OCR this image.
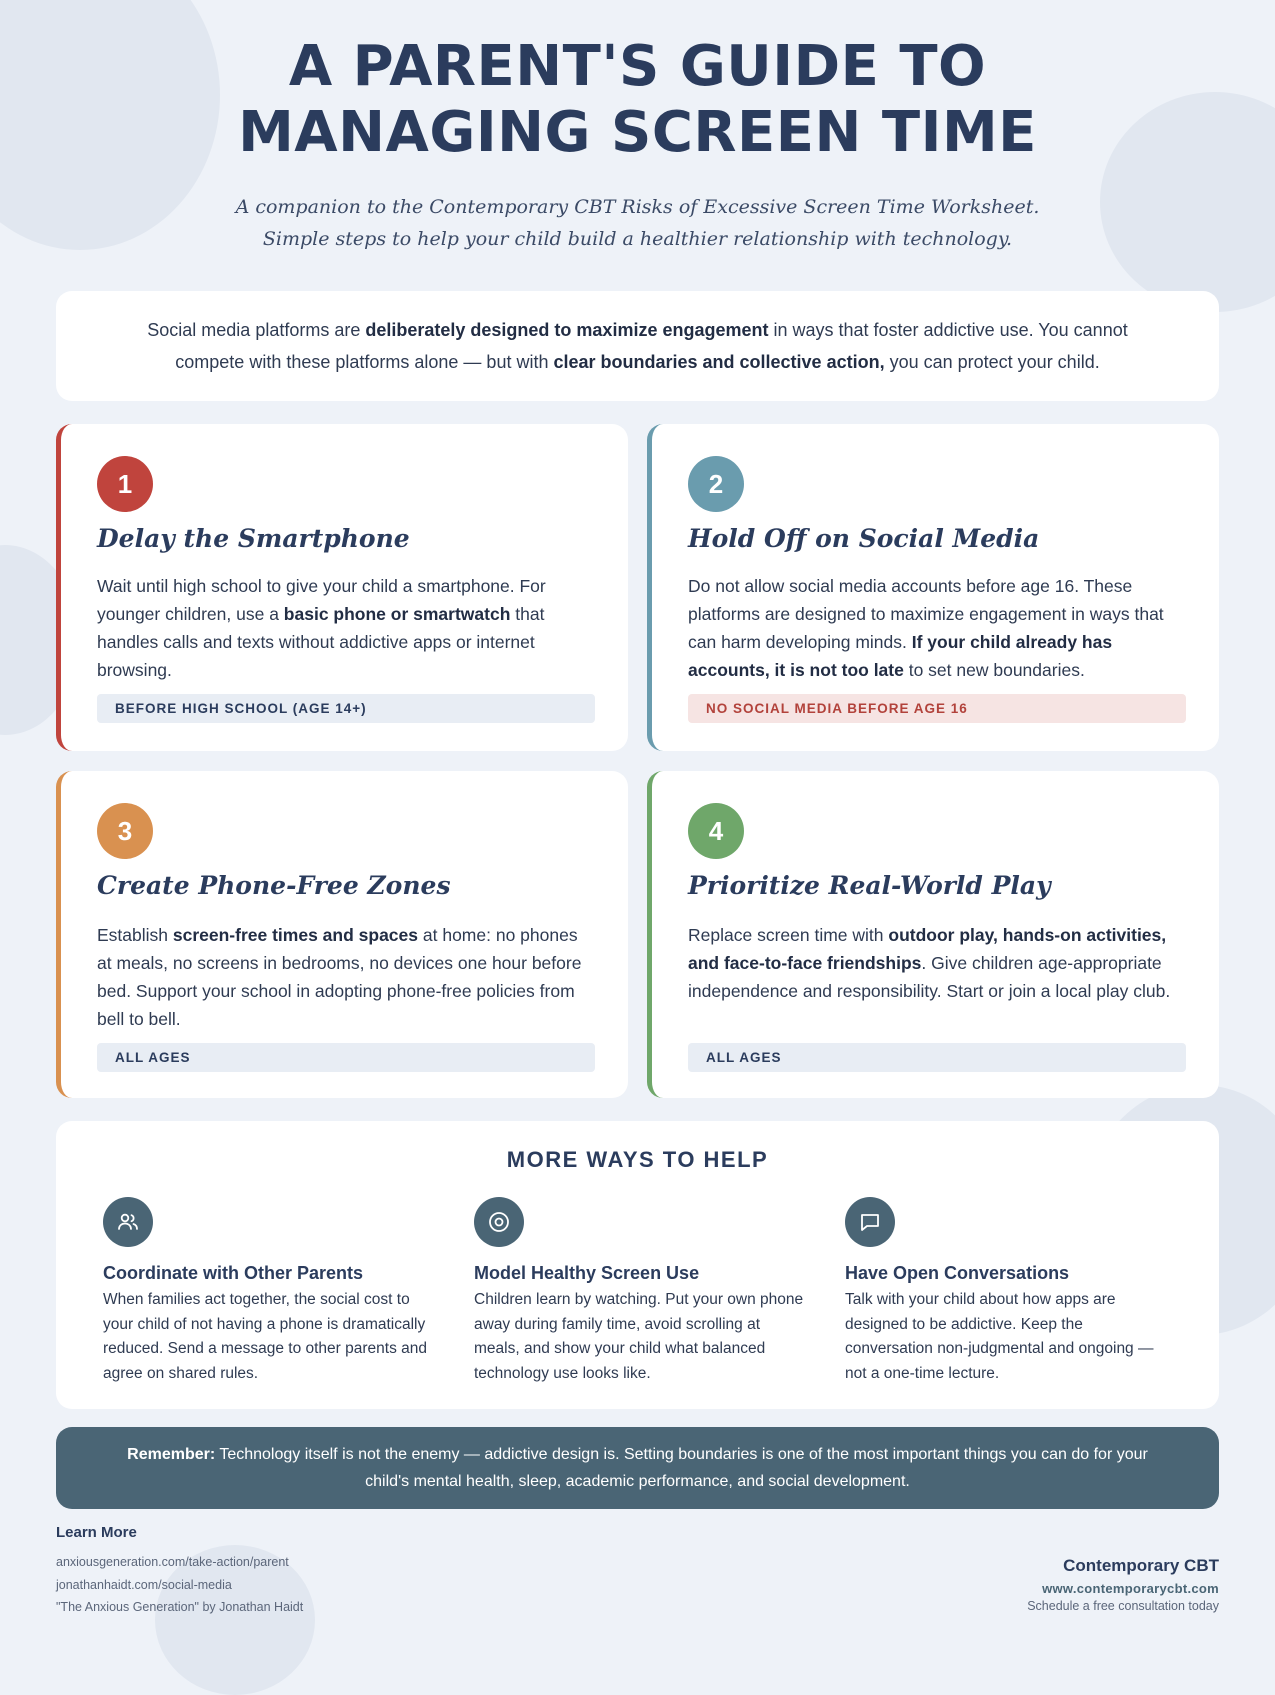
A PARENT'S GUIDE TO
MANAGING SCREEN TIME
A companion to the Contemporary CBT Risks of Excessive Screen Time Worksheet.
Simple steps to help your child build a healthier relationship with technology.

Social media platforms are deliberately designed to maximize engagement in ways that foster addictive use. You cannot compete with these platforms alone — but with clear boundaries and collective action, you can protect your child.

1
Delay the Smartphone

Wait until high school to give your child a smartphone. For younger children, use a basic phone or smartwatch that handles calls and texts without addictive apps or internet browsing.

BEFORE HIGH SCHOOL (AGE 14+)
2
Hold Off on Social Media

Do not allow social media accounts before age 16. These platforms are designed to maximize engagement in ways that can harm developing minds. If your child already has accounts, it is not too late to set new boundaries.

NO SOCIAL MEDIA BEFORE AGE 16
3
Create Phone-Free Zones

Establish screen-free times and spaces at home: no phones at meals, no screens in bedrooms, no devices one hour before bed. Support your school in adopting phone-free policies from bell to bell.

ALL AGES
4
Prioritize Real-World Play

Replace screen time with outdoor play, hands-on activities, and face-to-face friendships. Give children age-appropriate independence and responsibility. Start or join a local play club.

ALL AGES
MORE WAYS TO HELP
Coordinate with Other Parents

When families act together, the social cost to your child of not having a phone is dramatically reduced. Send a message to other parents and agree on shared rules.

Model Healthy Screen Use

Children learn by watching. Put your own phone away during family time, avoid scrolling at meals, and show your child what balanced technology use looks like.

Have Open Conversations

Talk with your child about how apps are designed to be addictive. Keep the conversation non-judgmental and ongoing — not a one-time lecture.

Remember: Technology itself is not the enemy — addictive design is. Setting boundaries is one of the most important things you can do for your child's mental health, sleep, academic performance, and social development.

Learn More
anxiousgeneration.com/take-action/parent
jonathanhaidt.com/social-media
"The Anxious Generation" by Jonathan Haidt
Contemporary CBT
www.contemporarycbt.com
Schedule a free consultation today
